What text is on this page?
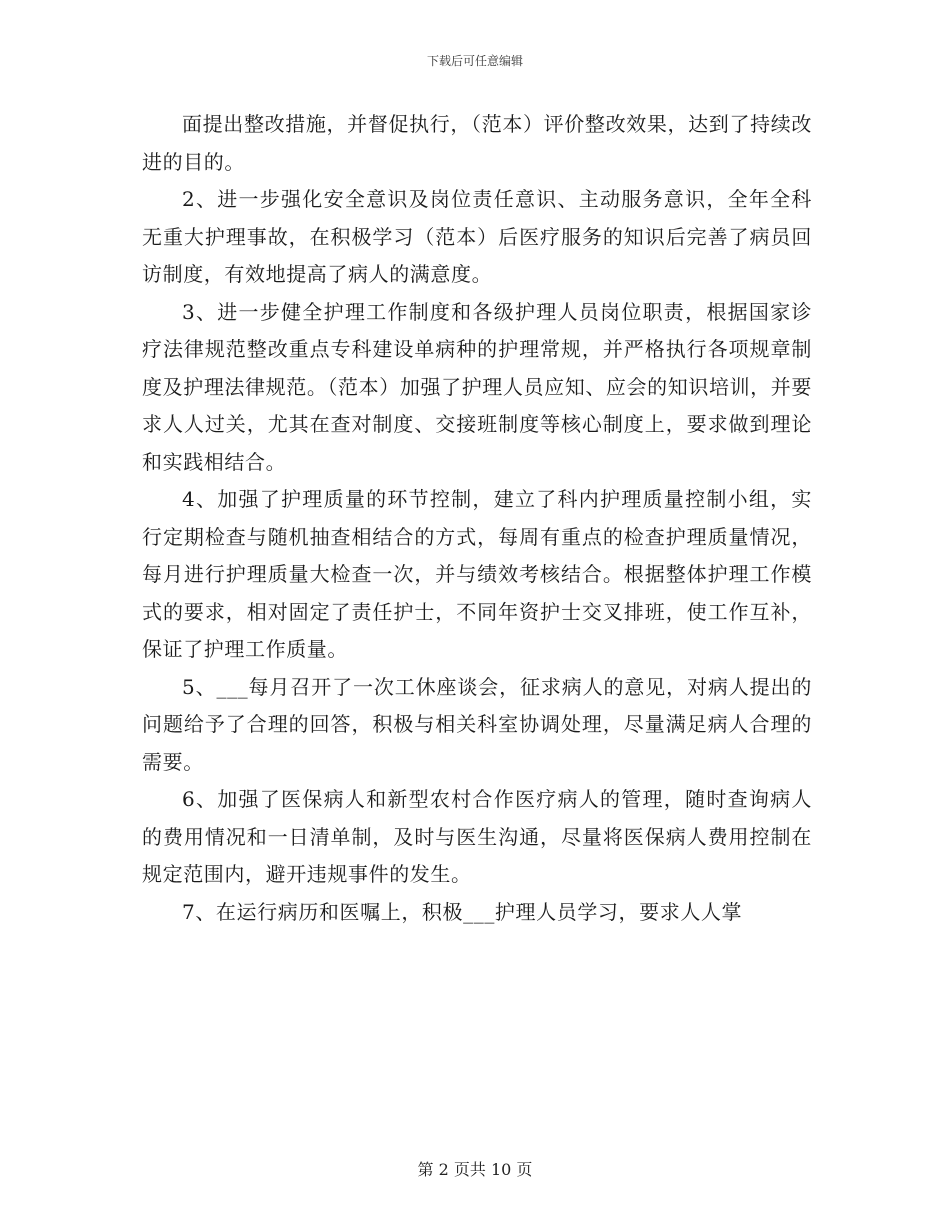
下载后可任意编辑

面提出整改措施，并督促执行，（范本）评价整改效果，达到了持续改进的目的。

2、进一步强化安全意识及岗位责任意识、主动服务意识，全年全科无重大护理事故，在积极学习（范本）后医疗服务的知识后完善了病员回访制度，有效地提高了病人的满意度。

3、进一步健全护理工作制度和各级护理人员岗位职责，根据国家诊疗法律规范整改重点专科建设单病种的护理常规，并严格执行各项规章制度及护理法律规范。（范本）加强了护理人员应知、应会的知识培训，并要求人人过关，尤其在查对制度、交接班制度等核心制度上，要求做到理论和实践相结合。

4、加强了护理质量的环节控制，建立了科内护理质量控制小组，实行定期检查与随机抽查相结合的方式，每周有重点的检查护理质量情况，每月进行护理质量大检查一次，并与绩效考核结合。根据整体护理工作模式的要求，相对固定了责任护士，不同年资护士交叉排班，使工作互补，保证了护理工作质量。

5、___每月召开了一次工休座谈会，征求病人的意见，对病人提出的问题给予了合理的回答，积极与相关科室协调处理，尽量满足病人合理的需要。

6、加强了医保病人和新型农村合作医疗病人的管理，随时查询病人的费用情况和一日清单制，及时与医生沟通，尽量将医保病人费用控制在规定范围内，避开违规事件的发生。

7、在运行病历和医嘱上，积极___护理人员学习，要求人人掌

第 2 页共 10 页
